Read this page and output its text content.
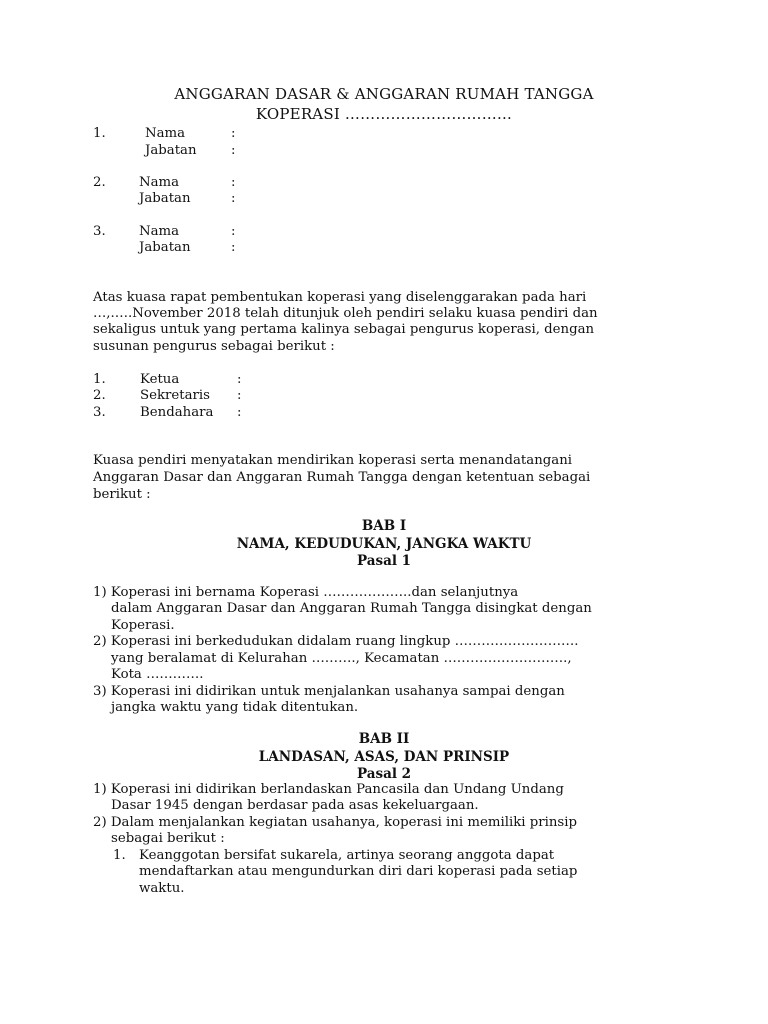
ANGGARAN DASAR & ANGGARAN RUMAH TANGGA
KOPERASI ……………………………
1.	Nama	:
Jabatan	:
2.	Nama	:
Jabatan	:
3.	Nama	:
Jabatan	:
Atas kuasa rapat pembentukan koperasi yang diselenggarakan pada hari
…,.….November 2018 telah ditunjuk oleh pendiri selaku kuasa pendiri dan
sekaligus untuk yang pertama kalinya sebagai pengurus koperasi, dengan
susunan pengurus sebagai berikut :
1.	Ketua	:
2.	Sekretaris :
3.	Bendahara :
Kuasa pendiri menyatakan mendirikan koperasi serta menandatangani
Anggaran Dasar dan Anggaran Rumah Tangga dengan ketentuan sebagai
berikut :
BAB I
NAMA, KEDUDUKAN, JANGKA WAKTU
Pasal 1
1) Koperasi ini bernama Koperasi ………………..dan selanjutnya
dalam Anggaran Dasar dan Anggaran Rumah Tangga disingkat dengan
Koperasi.
2) Koperasi ini berkedudukan didalam ruang lingkup ……………………….
yang beralamat di Kelurahan ………., Kecamatan ……………………….,
Kota ………….
3) Koperasi ini didirikan untuk menjalankan usahanya sampai dengan
jangka waktu yang tidak ditentukan.
BAB II
LANDASAN, ASAS, DAN PRINSIP
Pasal 2
1) Koperasi ini didirikan berlandaskan Pancasila dan Undang Undang
Dasar 1945 dengan berdasar pada asas kekeluargaan.
2) Dalam menjalankan kegiatan usahanya, koperasi ini memiliki prinsip
sebagai berikut :
1. Keanggotan bersifat sukarela, artinya seorang anggota dapat
mendaftarkan atau mengundurkan diri dari koperasi pada setiap
waktu.
